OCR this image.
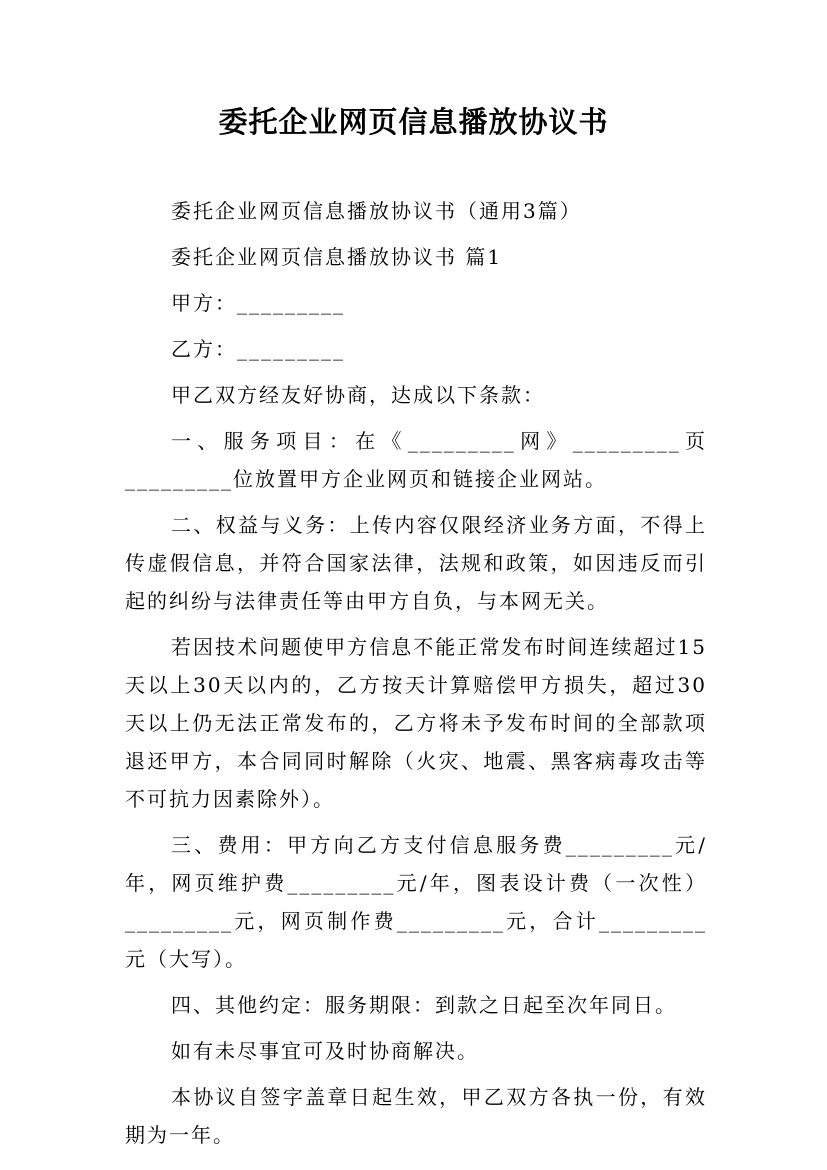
委托企业网页信息播放协议书

委托企业网页信息播放协议书（通用3篇）

委托企业网页信息播放协议书 篇1

甲方：_________

乙方：_________

甲乙双方经友好协商，达成以下条款：

一、服务项目：在《_________网》_________页_________位放置甲方企业网页和链接企业网站。

二、权益与义务：上传内容仅限经济业务方面，不得上传虚假信息，并符合国家法律，法规和政策，如因违反而引起的纠纷与法律责任等由甲方自负，与本网无关。

若因技术问题使甲方信息不能正常发布时间连续超过15天以上30天以内的，乙方按天计算赔偿甲方损失，超过30天以上仍无法正常发布的，乙方将未予发布时间的全部款项退还甲方，本合同同时解除（火灾、地震、黑客病毒攻击等不可抗力因素除外）。

三、费用：甲方向乙方支付信息服务费_________元/年，网页维护费_________元/年，图表设计费（一次性）_________元，网页制作费_________元，合计_________元（大写）。

四、其他约定：服务期限：到款之日起至次年同日。

如有未尽事宜可及时协商解决。

本协议自签字盖章日起生效，甲乙双方各执一份，有效期为一年。
